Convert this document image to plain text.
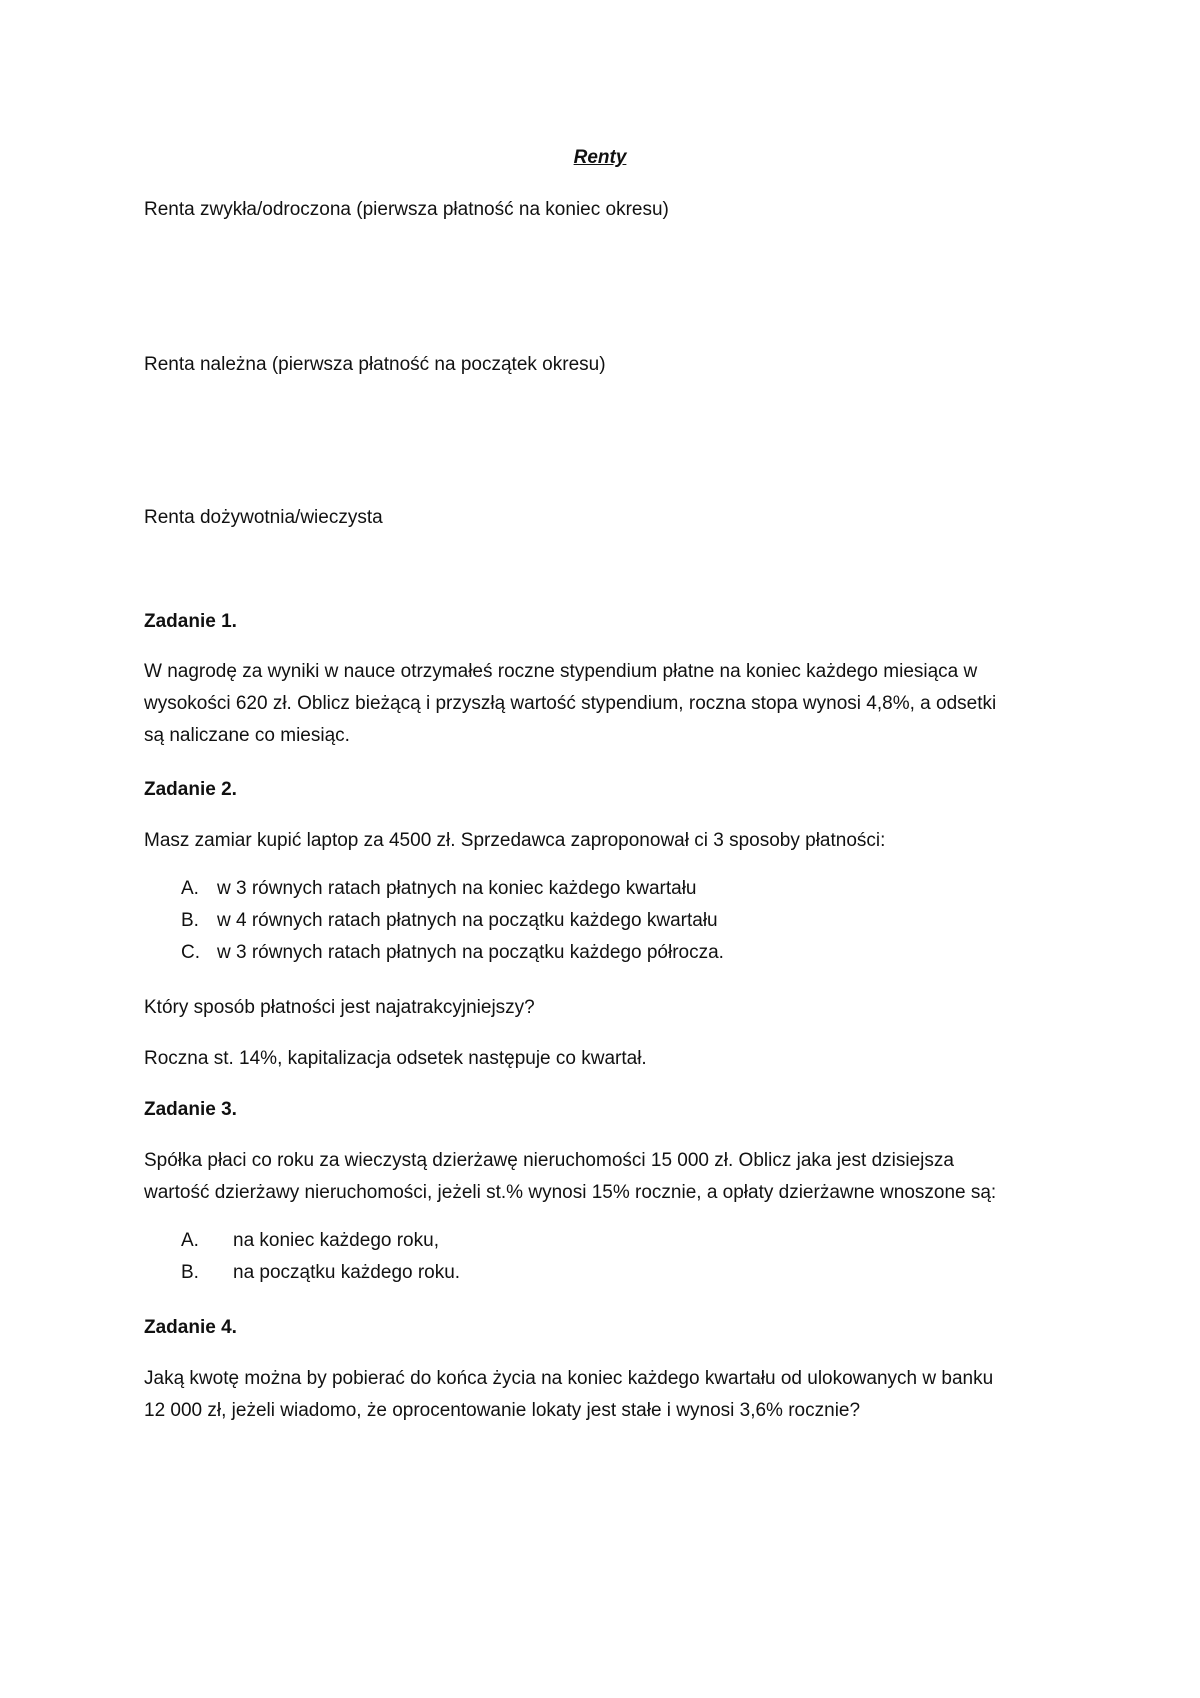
Renty

Renta zwykła/odroczona (pierwsza płatność na koniec okresu)

Renta należna (pierwsza płatność na początek okresu)

Renta dożywotnia/wieczysta

Zadanie 1.

W nagrodę za wyniki w nauce otrzymałeś roczne stypendium płatne na koniec każdego miesiąca w
wysokości 620 zł. Oblicz bieżącą i przyszłą wartość stypendium, roczna stopa wynosi 4,8%, a odsetki
są naliczane co miesiąc.

Zadanie 2.

Masz zamiar kupić laptop za 4500 zł. Sprzedawca zaproponował ci 3 sposoby płatności:

A. w 3 równych ratach płatnych na koniec każdego kwartału
B. w 4 równych ratach płatnych na początku każdego kwartału
C. w 3 równych ratach płatnych na początku każdego półrocza.

Który sposób płatności jest najatrakcyjniejszy?

Roczna st. 14%, kapitalizacja odsetek następuje co kwartał.

Zadanie 3.

Spółka płaci co roku za wieczystą dzierżawę nieruchomości 15 000 zł. Oblicz jaka jest dzisiejsza
wartość dzierżawy nieruchomości, jeżeli st.% wynosi 15% rocznie, a opłaty dzierżawne wnoszone są:
A. na koniec każdego roku,
B. na początku każdego roku.

Zadanie 4.

Jaką kwotę można by pobierać do końca życia na koniec każdego kwartału od ulokowanych w banku
12 000 zł, jeżeli wiadomo, że oprocentowanie lokaty jest stałe i wynosi 3,6% rocznie?
